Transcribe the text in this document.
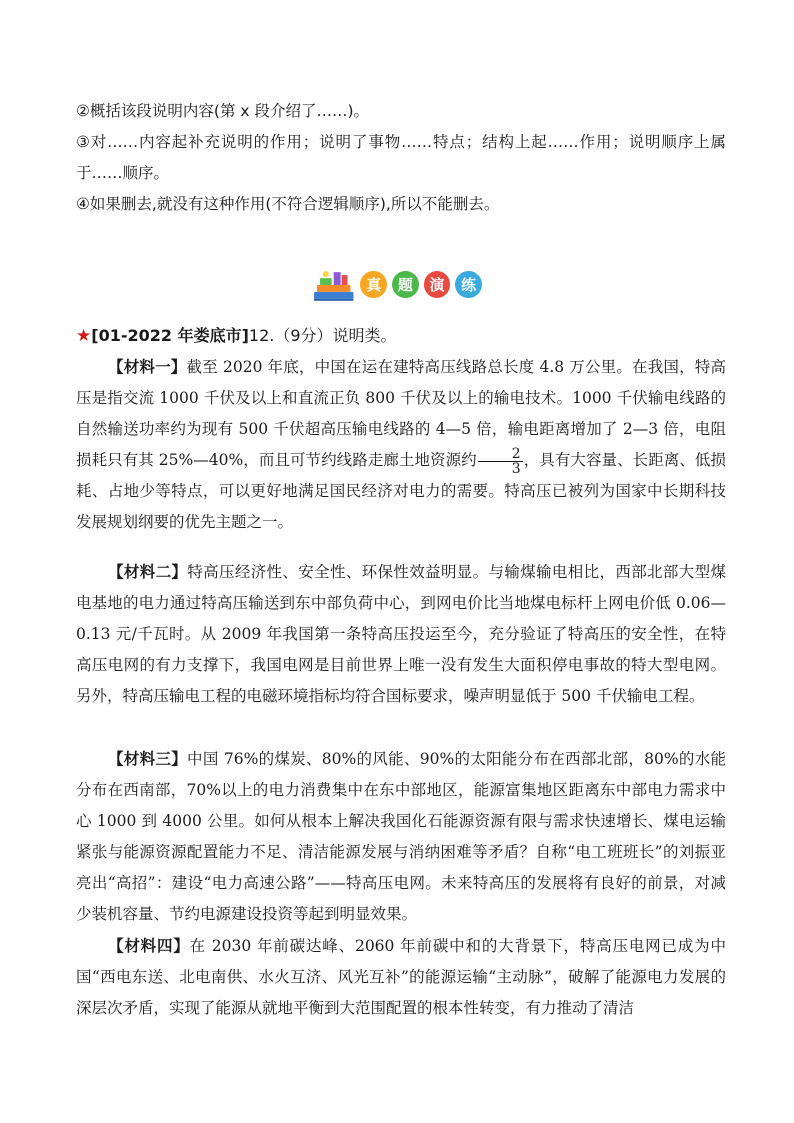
②概括该段说明内容(第 x 段介绍了……)。

③对……内容起补充说明的作用；说明了事物……特点；结构上起……作用；说明顺序上属于……顺序。

④如果删去,就没有这种作用(不符合逻辑顺序),所以不能删去。

真	题	演	练
★[01-2022 年娄底市]12.（9分）说明类。

【材料一】截至 2020 年底，中国在运在建特高压线路总长度 4.8 万公里。在我国，特高压是指交流 1000 千伏及以上和直流正负 800 千伏及以上的输电技术。1000 千伏输电线路的自然输送功率约为现有 500 千伏超高压输电线路的 4—5 倍，输电距离增加了 2—3 倍，电阻损耗只有其 25%—40%，而且可节约线路走廊土地资源约 $\frac{2}{3}$ ，具有大容量、长距离、低损耗、占地少等特点，可以更好地满足国民经济对电力的需要。特高压已被列为国家中长期科技发展规划纲要的优先主题之一。

【材料二】特高压经济性、安全性、环保性效益明显。与输煤输电相比，西部北部大型煤电基地的电力通过特高压输送到东中部负荷中心，到网电价比当地煤电标杆上网电价低 0.06—0.13 元/千瓦时。从 2009 年我国第一条特高压投运至今，充分验证了特高压的安全性，在特高压电网的有力支撑下，我国电网是目前世界上唯一没有发生大面积停电事故的特大型电网。另外，特高压输电工程的电磁环境指标均符合国标要求，噪声明显低于 500 千伏输电工程。

【材料三】中国 76%的煤炭、80%的风能、90%的太阳能分布在西部北部，80%的水能分布在西南部，70%以上的电力消费集中在东中部地区，能源富集地区距离东中部电力需求中心 1000 到 4000 公里。如何从根本上解决我国化石能源资源有限与需求快速增长、煤电运输紧张与能源资源配置能力不足、清洁能源发展与消纳困难等矛盾？自称“电工班班长”的刘振亚亮出“高招”：建设“电力高速公路”——特高压电网。未来特高压的发展将有良好的前景，对减少装机容量、节约电源建设投资等起到明显效果。

【材料四】在 2030 年前碳达峰、2060 年前碳中和的大背景下，特高压电网已成为中国“西电东送、北电南供、水火互济、风光互补”的能源运输“主动脉”，破解了能源电力发展的深层次矛盾，实现了能源从就地平衡到大范围配置的根本性转变，有力推动了清洁
